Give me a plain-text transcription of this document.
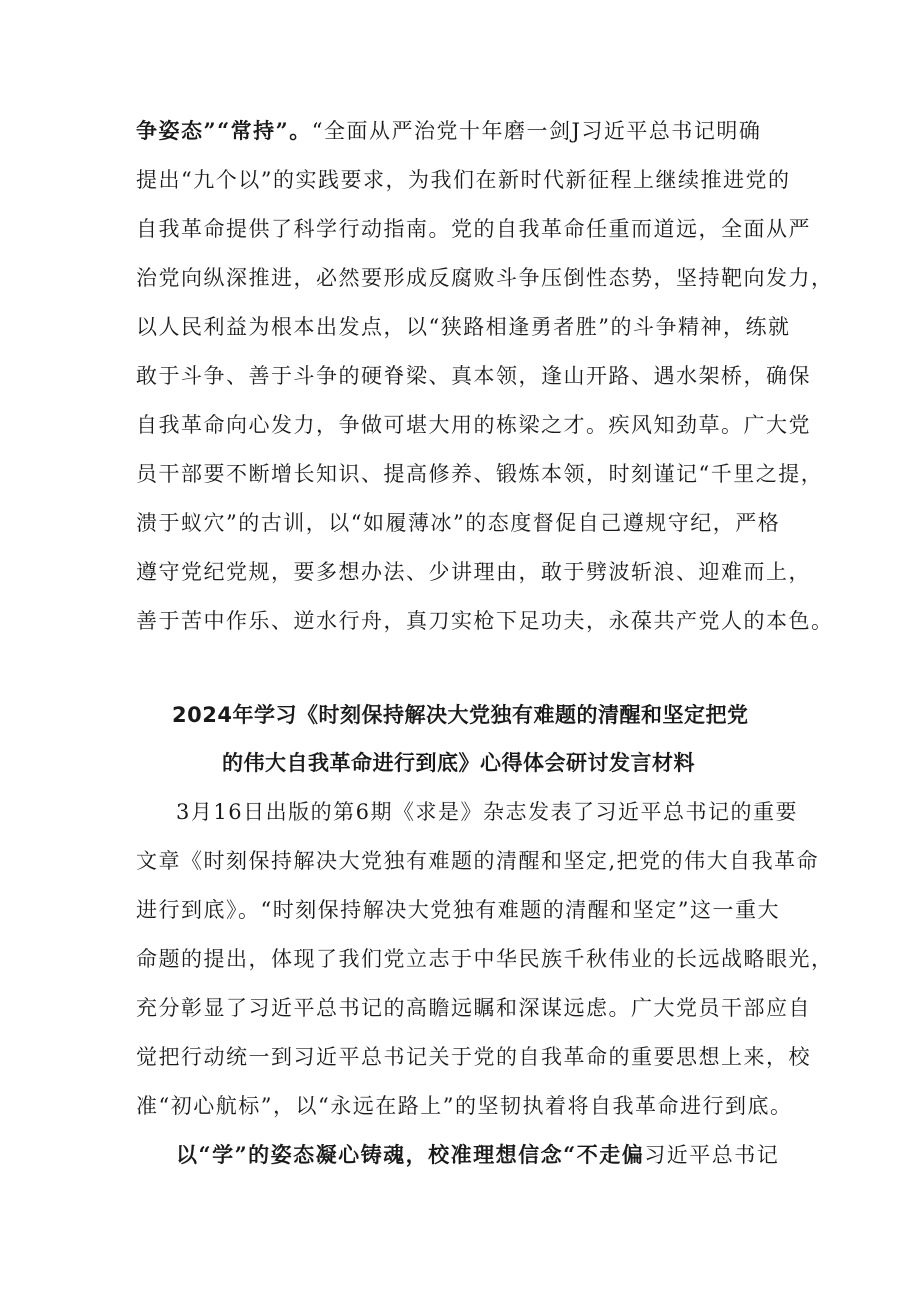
争姿态”“常持”。“全面从严治党十年磨一剑J习近平总书记明确
提出“九个以”的实践要求，为我们在新时代新征程上继续推进党的
自我革命提供了科学行动指南。党的自我革命任重而道远，全面从严
治党向纵深推进，必然要形成反腐败斗争压倒性态势，坚持靶向发力，
以人民利益为根本出发点，以“狭路相逢勇者胜”的斗争精神，练就
敢于斗争、善于斗争的硬脊梁、真本领，逢山开路、遇水架桥，确保
自我革命向心发力，争做可堪大用的栋梁之才。疾风知劲草。广大党
员干部要不断增长知识、提高修养、锻炼本领，时刻谨记“千里之提，
溃于蚁穴”的古训，以“如履薄冰”的态度督促自己遵规守纪，严格
遵守党纪党规，要多想办法、少讲理由，敢于劈波斩浪、迎难而上，
善于苦中作乐、逆水行舟，真刀实枪下足功夫，永葆共产党人的本色。
2024年学习《时刻保持解决大党独有难题的清醒和坚定把党
的伟大自我革命进行到底》心得体会研讨发言材料
3月16日出版的第6期《求是》杂志发表了习近平总书记的重要
文章《时刻保持解决大党独有难题的清醒和坚定,把党的伟大自我革命
进行到底》。“时刻保持解决大党独有难题的清醒和坚定”这一重大
命题的提出，体现了我们党立志于中华民族千秋伟业的长远战略眼光，
充分彰显了习近平总书记的高瞻远瞩和深谋远虑。广大党员干部应自
觉把行动统一到习近平总书记关于党的自我革命的重要思想上来，校
准“初心航标”，以“永远在路上”的坚韧执着将自我革命进行到底。
以“学”的姿态凝心铸魂，校准理想信念“不走偏习近平总书记
